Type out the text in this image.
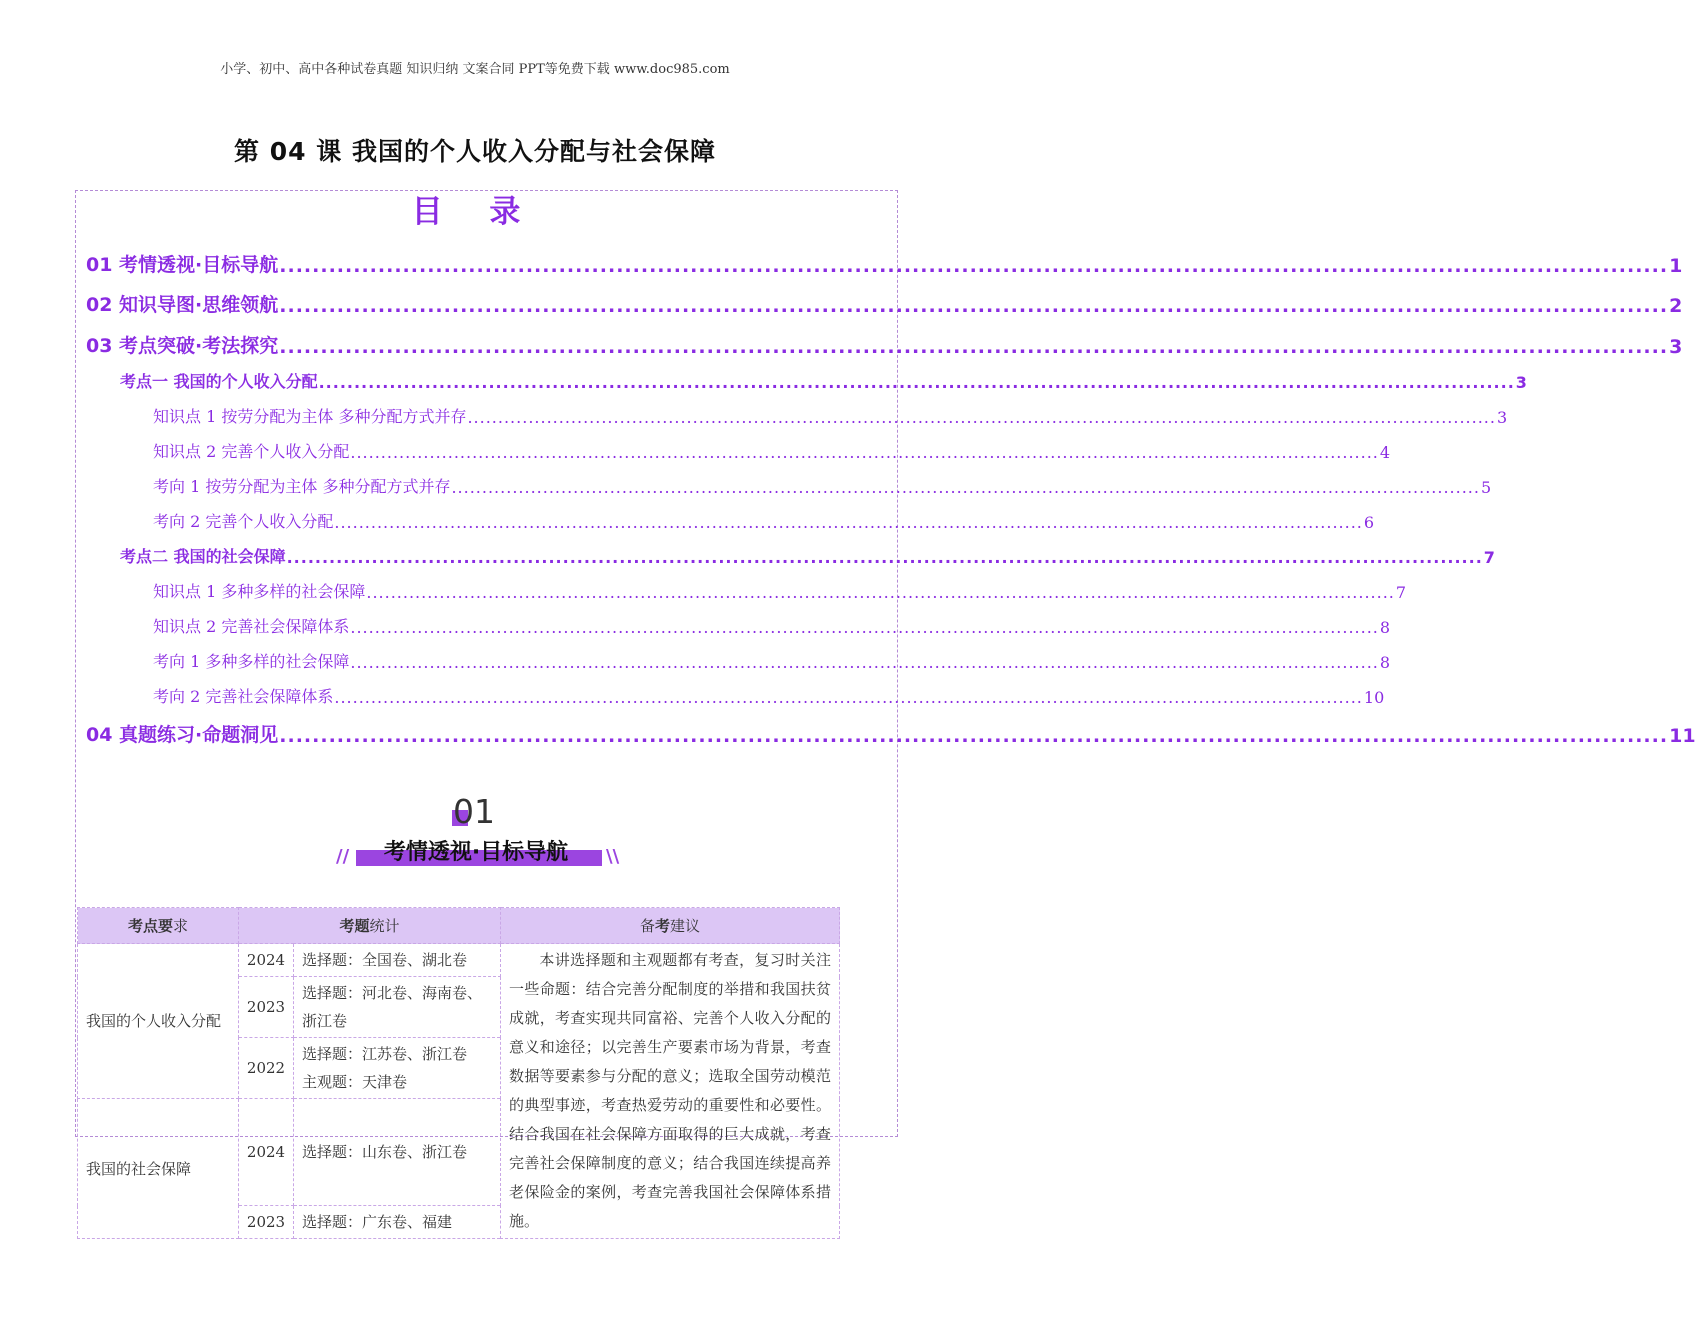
小学、初中、高中各种试卷真题 知识归纳 文案合同 PPT等免费下载 www.doc985.com
第 04 课 我国的个人收入分配与社会保障
目 录
01 考情透视·目标导航 ......................................................................................................................................................................... 1
02 知识导图·思维领航 ......................................................................................................................................................................... 2
03 考点突破·考法探究 ......................................................................................................................................................................... 3
考点一 我国的个人收入分配 ......................................................................................................................................................................... 3
知识点 1 按劳分配为主体 多种分配方式并存 ......................................................................................................................................................................... 3
知识点 2 完善个人收入分配 ......................................................................................................................................................................... 4
考向 1 按劳分配为主体 多种分配方式并存 ......................................................................................................................................................................... 5
考向 2 完善个人收入分配 ......................................................................................................................................................................... 6
考点二 我国的社会保障 ......................................................................................................................................................................... 7
知识点 1 多种多样的社会保障 ......................................................................................................................................................................... 7
知识点 2 完善社会保障体系 ......................................................................................................................................................................... 8
考向 1 多种多样的社会保障 ......................................................................................................................................................................... 8
考向 2 完善社会保障体系 ......................................................................................................................................................................... 10
04 真题练习·命题洞见 ......................................................................................................................................................................... 11
01
//	\\
考情透视·目标导航
考点要求	考题统计		备考建议
我国的个人收入分配	2024	选择题：全国卷、湖北卷	本讲选择题和主观题都有考查，复习时关注一些命题：结合完善分配制度的举措和我国扶贫成就，考查实现共同富裕、完善个人收入分配的意义和途径；以完善生产要素市场为背景，考查数据等要素参与分配的意义；选取全国劳动模范的典型事迹，考查热爱劳动的重要性和必要性。结合我国在社会保障方面取得的巨大成就，考查完善社会保障制度的意义；结合我国连续提高养老保险金的案例，考查完善我国社会保障体系措施。
	2023	选择题：河北卷、海南卷、浙江卷	
	2022	选择题：江苏卷、浙江卷
主观题：天津卷	

我国的社会保障	2024	选择题：山东卷、浙江卷	
	2023	选择题：广东卷、福建	
